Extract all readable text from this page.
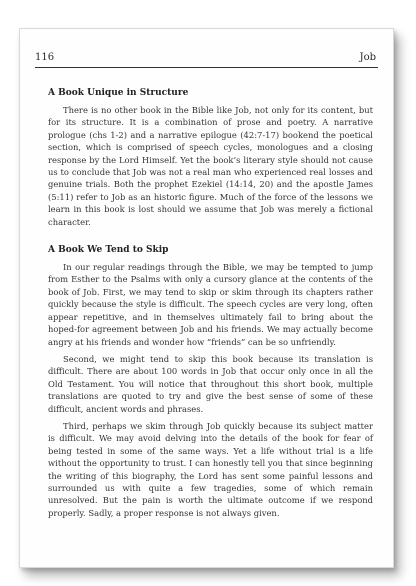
116	Job
A Book Unique in Structure

There is no other book in the Bible like Job, not only for its content, but for its structure. It is a combination of prose and poetry. A narrative prologue (chs 1-2) and a narrative epilogue (42:7-17) bookend the poetical section, which is comprised of speech cycles, monologues and a closing response by the Lord Himself. Yet the book’s literary style should not cause us to conclude that Job was not a real man who experienced real losses and genuine trials. Both the prophet Ezekiel (14:14, 20) and the apostle James (5:11) refer to Job as an historic figure. Much of the force of the lessons we learn in this book is lost should we assume that Job was merely a fictional character.

A Book We Tend to Skip

In our regular readings through the Bible, we may be tempted to jump from Esther to the Psalms with only a cursory glance at the contents of the book of Job. First, we may tend to skip or skim through its chapters rather quickly because the style is difficult. The speech cycles are very long, often appear repetitive, and in themselves ultimately fail to bring about the hoped-for agreement between Job and his friends. We may actually become angry at his friends and wonder how “friends” can be so unfriendly.

Second, we might tend to skip this book because its translation is difficult. There are about 100 words in Job that occur only once in all the Old Testament. You will notice that throughout this short book, multiple translations are quoted to try and give the best sense of some of these difficult, ancient words and phrases.

Third, perhaps we skim through Job quickly because its subject matter is difficult. We may avoid delving into the details of the book for fear of being tested in some of the same ways. Yet a life without trial is a life without the opportunity to trust. I can honestly tell you that since beginning the writing of this biography, the Lord has sent some painful lessons and surrounded us with quite a few tragedies, some of which remain unresolved. But the pain is worth the ultimate outcome if we respond properly. Sadly, a proper response is not always given.
